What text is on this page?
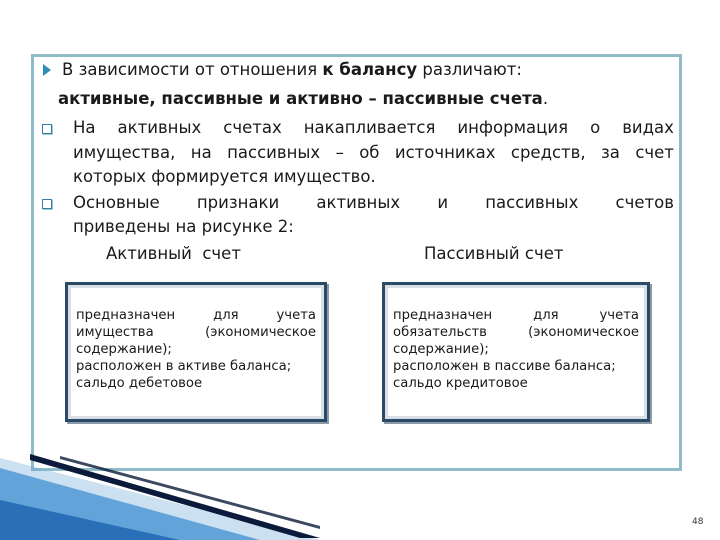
В зависимости от отношения к балансу различают:
активные, пассивные и активно – пассивные счета.
На активных счетах накапливается информация о видах
имущества, на пассивных – об источниках средств, за счет
которых формируется имущество.
Основные признаки активных и пассивных счетов
приведены на рисунке 2:
Активный  счет	Пассивный счет
предназначен	для	учета
имущества	(экономическое
содержание);
расположен в активе баланса;
сальдо дебетовое
предназначен	для	учета
обязательств	(экономическое
содержание);
расположен в пассиве баланса;
сальдо кредитовое
48
